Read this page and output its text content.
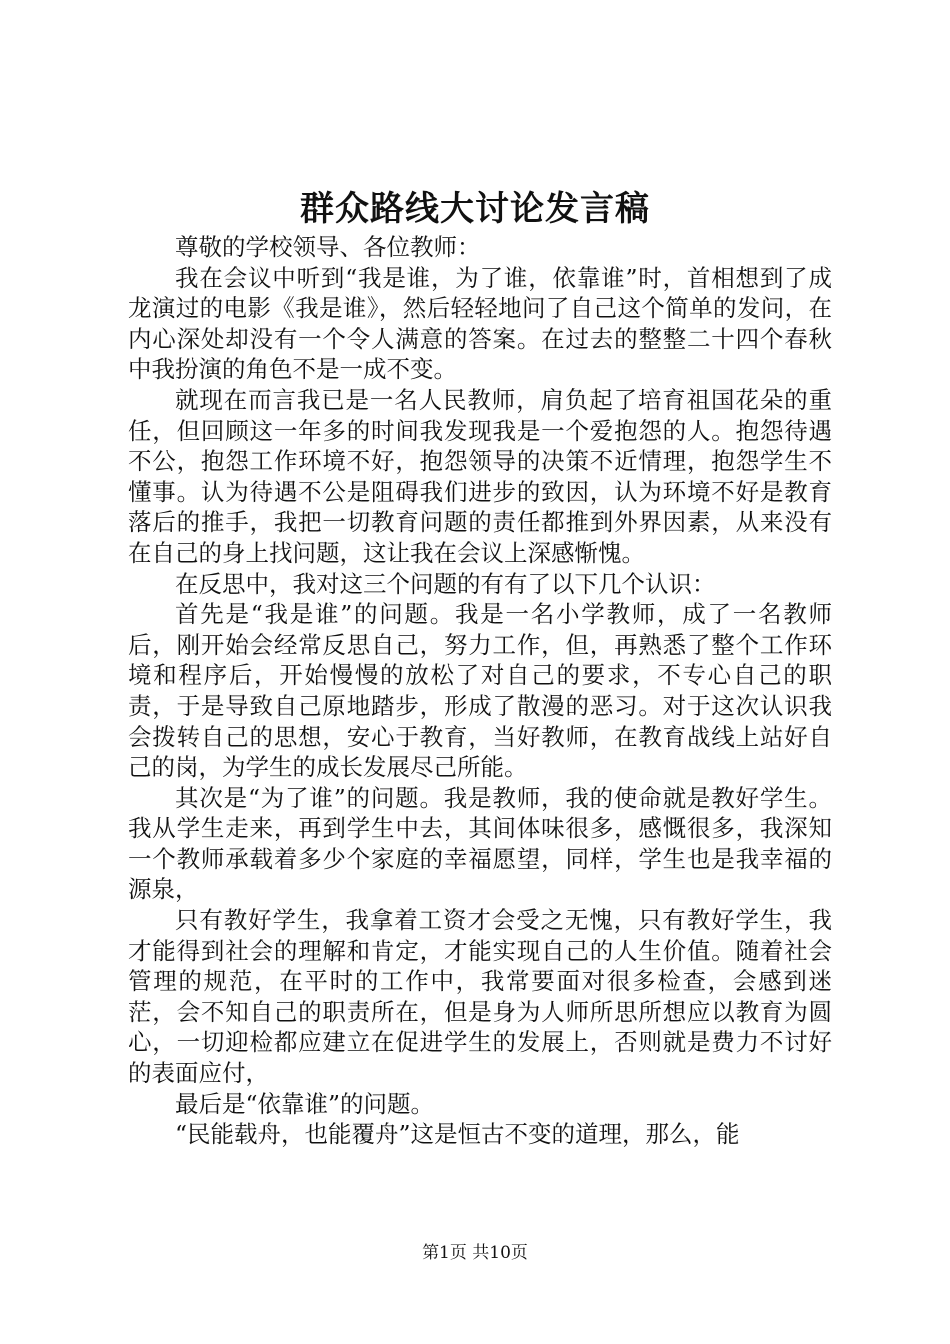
群众路线大讨论发言稿

尊敬的学校领导、各位教师：

我在会议中听到“我是谁，为了谁，依靠谁”时，首相想到了成龙演过的电影《我是谁》，然后轻轻地问了自己这个简单的发问，在内心深处却没有一个令人满意的答案。在过去的整整二十四个春秋中我扮演的角色不是一成不变。

就现在而言我已是一名人民教师，肩负起了培育祖国花朵的重任，但回顾这一年多的时间我发现我是一个爱抱怨的人。抱怨待遇不公，抱怨工作环境不好，抱怨领导的决策不近情理，抱怨学生不懂事。认为待遇不公是阻碍我们进步的致因，认为环境不好是教育落后的推手，我把一切教育问题的责任都推到外界因素，从来没有在自己的身上找问题，这让我在会议上深感惭愧。

在反思中，我对这三个问题的有有了以下几个认识：

首先是“我是谁”的问题。我是一名小学教师，成了一名教师后，刚开始会经常反思自己，努力工作，但，再熟悉了整个工作环境和程序后，开始慢慢的放松了对自己的要求，不专心自己的职责，于是导致自己原地踏步，形成了散漫的恶习。对于这次认识我会拨转自己的思想，安心于教育，当好教师，在教育战线上站好自己的岗，为学生的成长发展尽己所能。

其次是“为了谁”的问题。我是教师，我的使命就是教好学生。我从学生走来，再到学生中去，其间体味很多，感慨很多，我深知一个教师承载着多少个家庭的幸福愿望，同样，学生也是我幸福的源泉，

只有教好学生，我拿着工资才会受之无愧，只有教好学生，我才能得到社会的理解和肯定，才能实现自己的人生价值。随着社会管理的规范，在平时的工作中，我常要面对很多检查，会感到迷茫，会不知自己的职责所在，但是身为人师所思所想应以教育为圆心，一切迎检都应建立在促进学生的发展上，否则就是费力不讨好的表面应付，

最后是“依靠谁”的问题。

“民能载舟，也能覆舟”这是恒古不变的道理，那么，能

第1页 共10页
